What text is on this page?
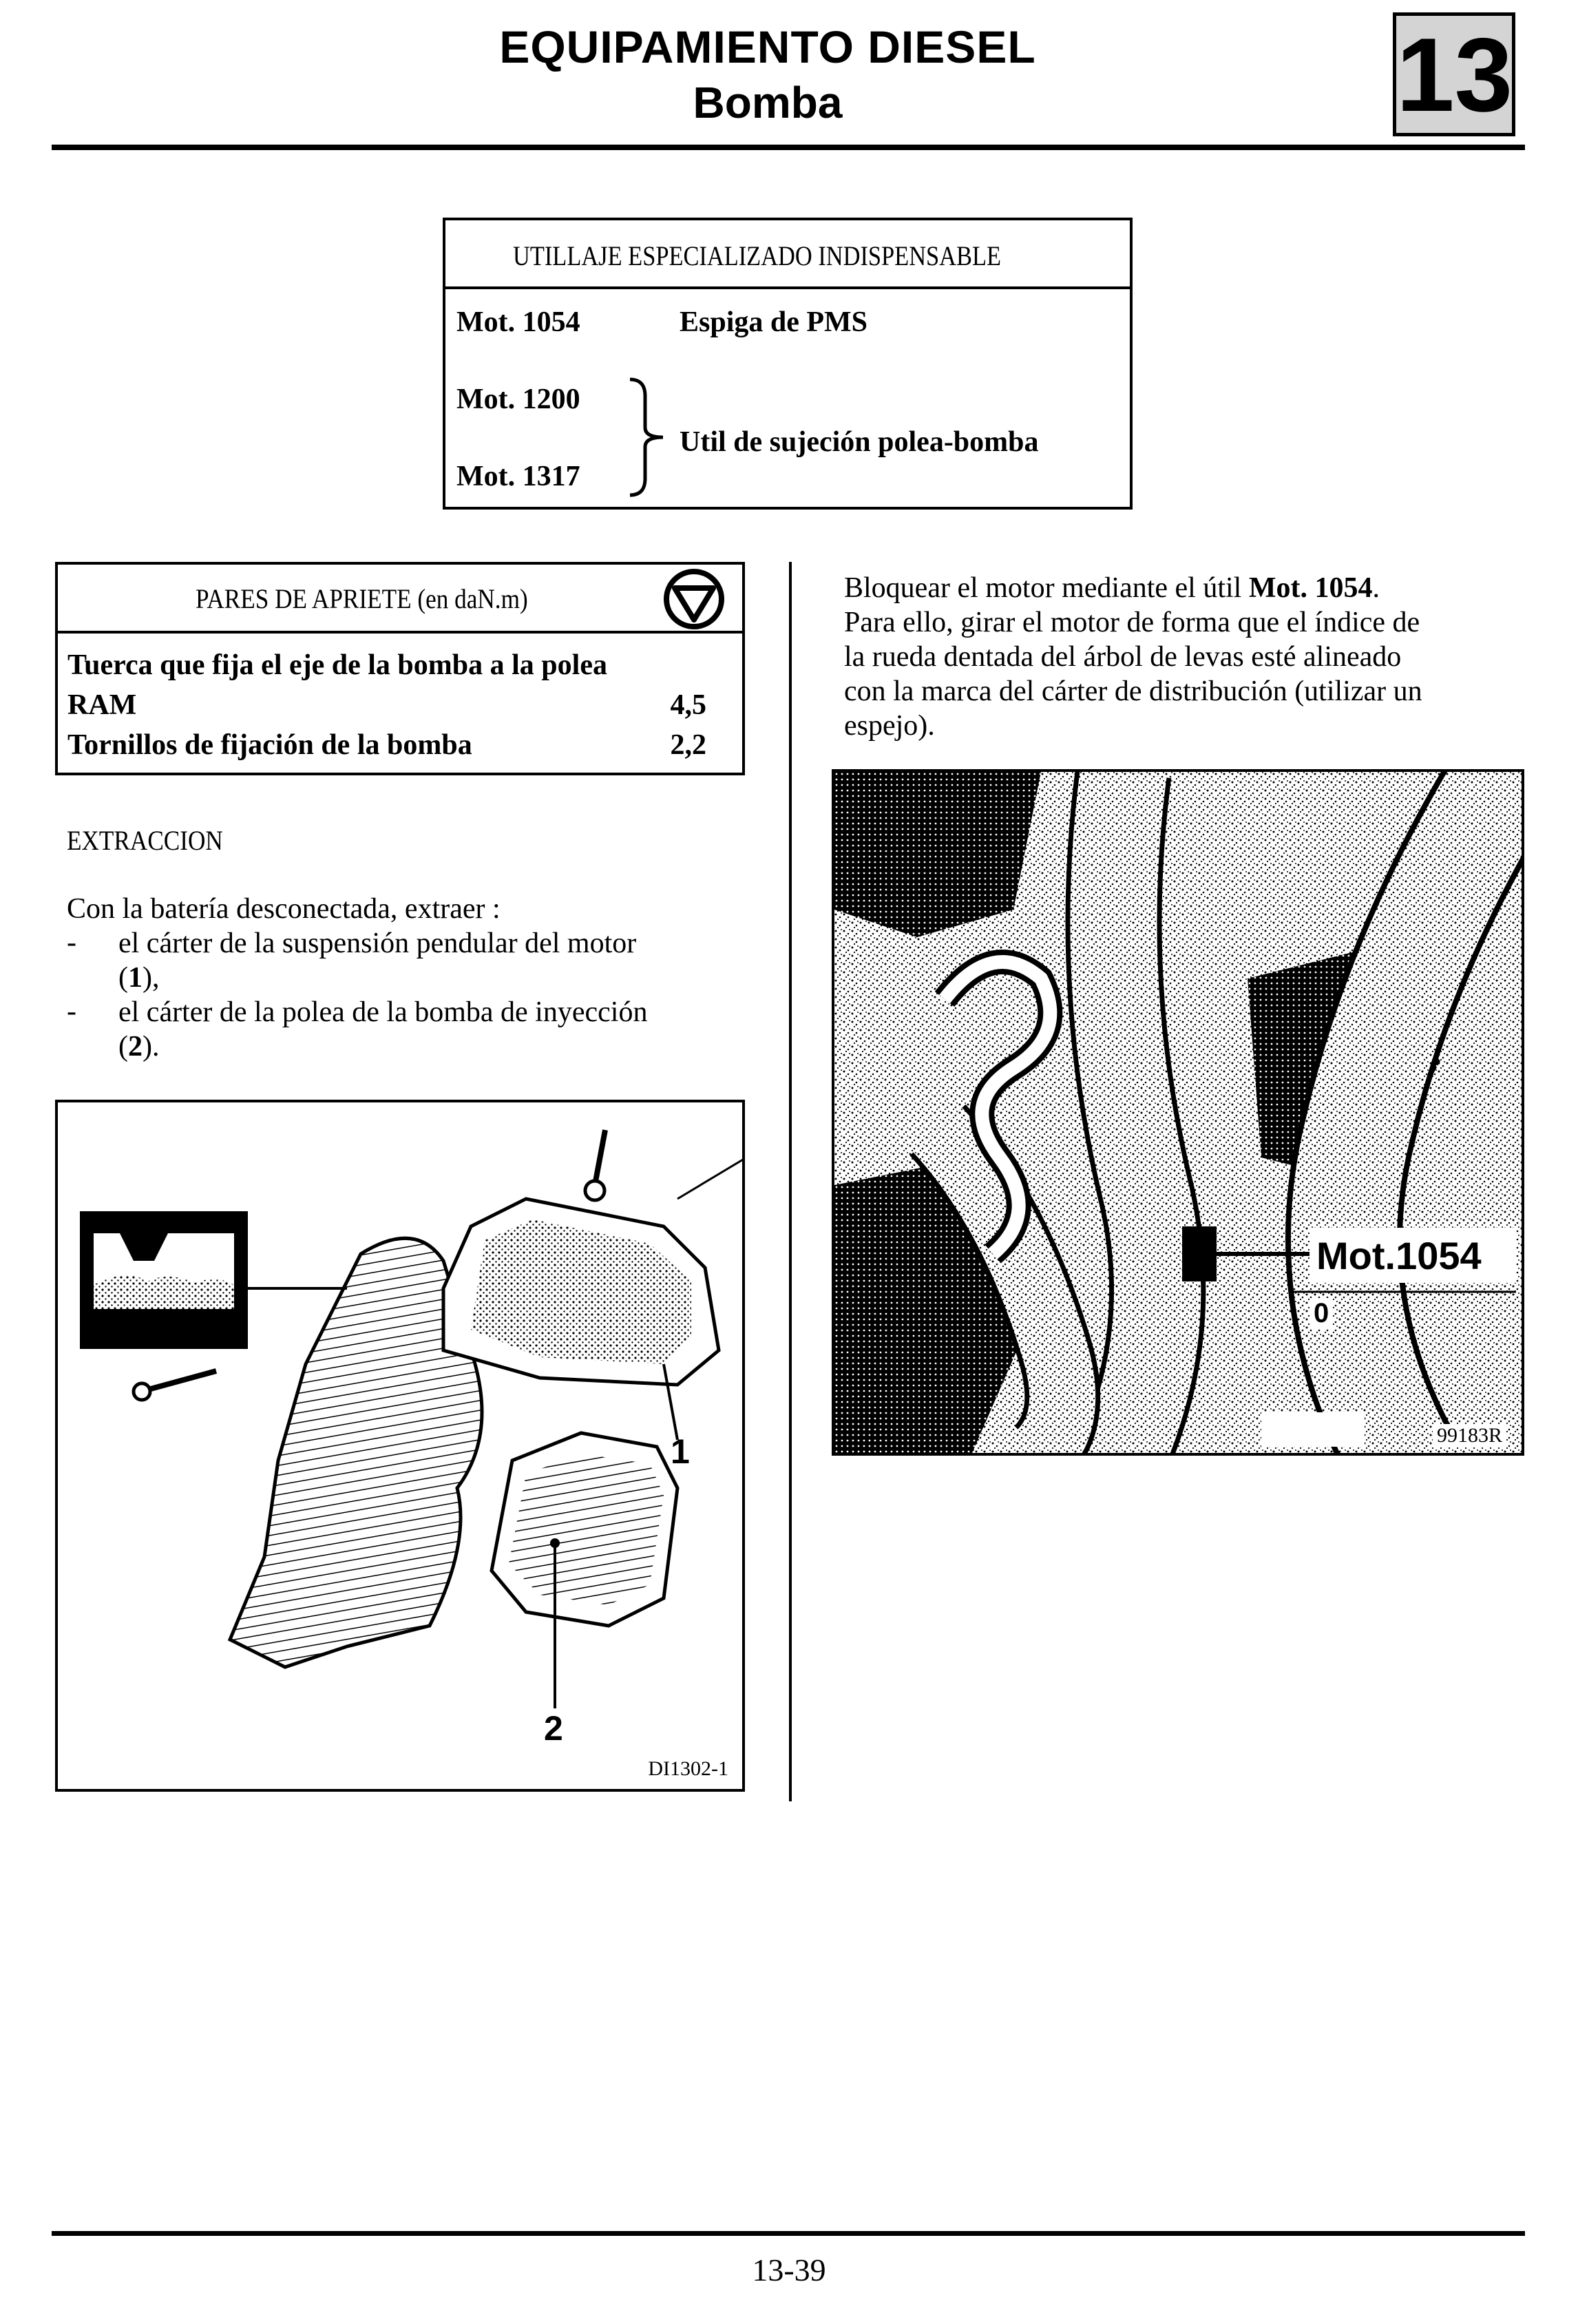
EQUIPAMIENTO DIESEL
Bomba	13
UTILLAJE ESPECIALIZADO INDISPENSABLE
Mot. 1054	Espiga de PMS
Mot. 1200
Mot. 1317
Util de sujeción polea-bomba
PARES DE APRIETE (en daN.m)
Tuerca que fija el eje de la bomba a la polea
RAM	4,5
Tornillos de fijación de la bomba	2,2
EXTRACCION
Con la batería desconectada, extraer :
- el cárter de la suspensión pendular del motor
(1),
- el cárter de la polea de la bomba de inyección
(2).
1
2
DI1302-1
Bloquear el motor mediante el útil Mot. 1054.
Para ello, girar el motor de forma que el índice de
la rueda dentada del árbol de levas esté alineado
con la marca del cárter de distribución (utilizar un
espejo).
Mot.1054
0
99183R
13-39
